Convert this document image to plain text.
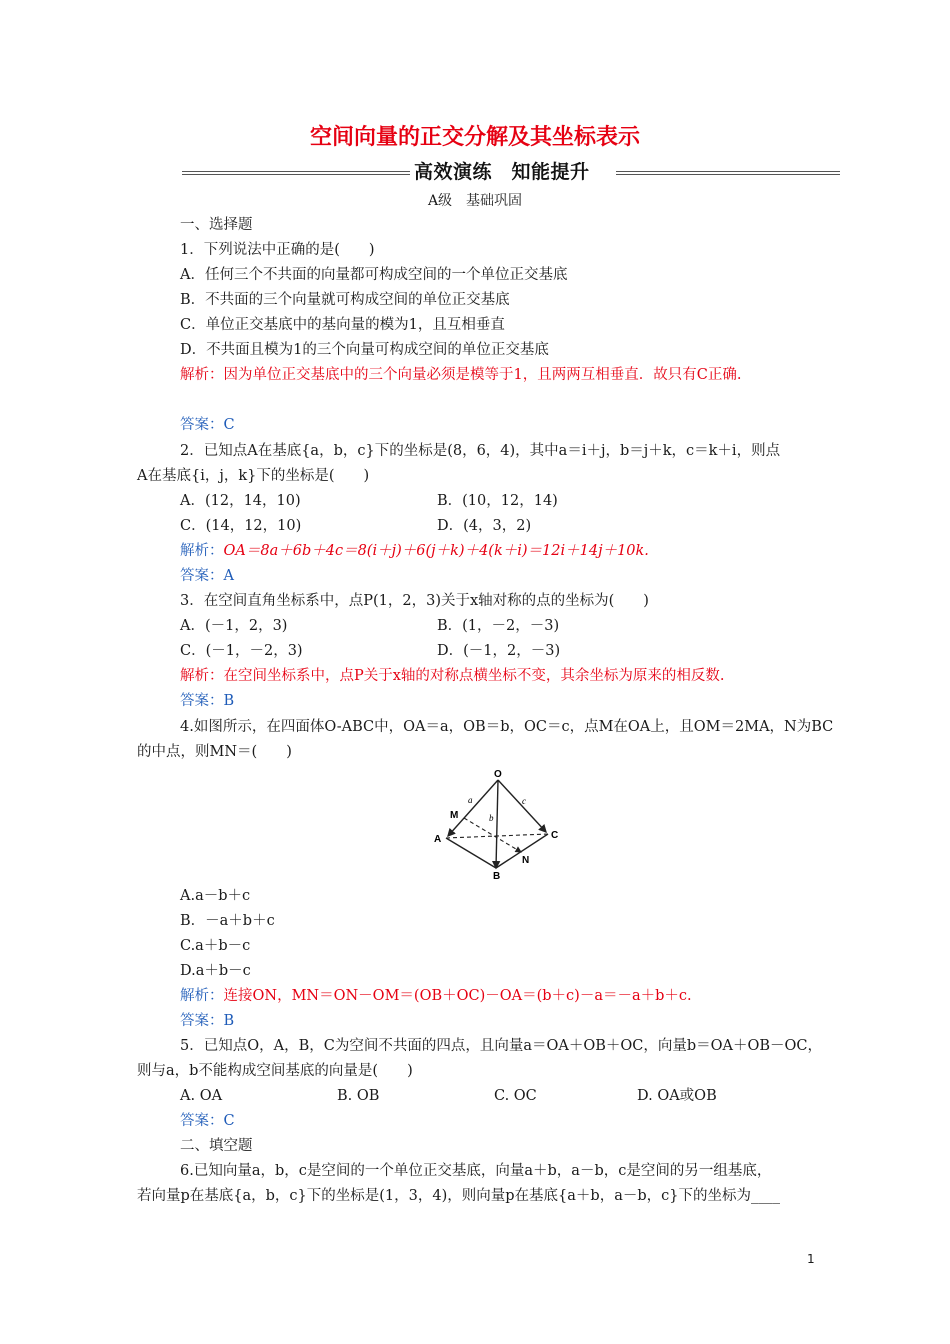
空间向量的正交分解及其坐标表示
高效演练　知能提升
A级　基础巩固
一、选择题
1．下列说法中正确的是(　　)
A．任何三个不共面的向量都可构成空间的一个单位正交基底
B．不共面的三个向量就可构成空间的单位正交基底
C．单位正交基底中的基向量的模为1，且互相垂直
D．不共面且模为1的三个向量可构成空间的单位正交基底
解析：因为单位正交基底中的三个向量必须是模等于1，且两两互相垂直．故只有C正确.
答案：C
2．已知点A在基底{a，b，c}下的坐标是(8，6，4)，其中a＝i＋j，b＝j＋k，c＝k＋i，则点
A在基底{i，j，k}下的坐标是(　　)
A．(12，14，10)	B．(10，12，14)
C．(14，12，10)	D．(4，3，2)
解析：OA＝8a＋6b＋4c＝8(i＋j)＋6(j＋k)＋4(k＋i)＝12i＋14j＋10k.
答案：A
3．在空间直角坐标系中，点P(1，2，3)关于x轴对称的点的坐标为(　　)
A．(－1，2，3)	B．(1，－2，－3)
C．(－1，－2，3)	D．(－1，2，－3)
解析：在空间坐标系中，点P关于x轴的对称点横坐标不变，其余坐标为原来的相反数.
答案：B
4.如图所示，在四面体O-ABC中，OA＝a，OB＝b，OC＝c，点M在OA上，且OM＝2MA，N为BC
的中点，则MN＝(　　)
O
A
B
C
M
N
a
b
c
A.a－b＋c
B．－a＋b＋c
C.a＋b－c
D.a＋b－c
解析：连接ON，MN＝ON－OM＝(OB＋OC)－OA＝(b＋c)－a＝－a＋b＋c.
答案：B
5．已知点O，A，B，C为空间不共面的四点，且向量a＝OA＋OB＋OC，向量b＝OA＋OB－OC，
则与a，b不能构成空间基底的向量是(　　)
A. OA	B. OB	C. OC	D. OA或OB
答案：C
二、填空题
6.已知向量a，b，c是空间的一个单位正交基底，向量a＋b，a－b，c是空间的另一组基底，
若向量p在基底{a，b，c}下的坐标是(1，3，4)，则向量p在基底{a＋b，a－b，c}下的坐标为____
1
